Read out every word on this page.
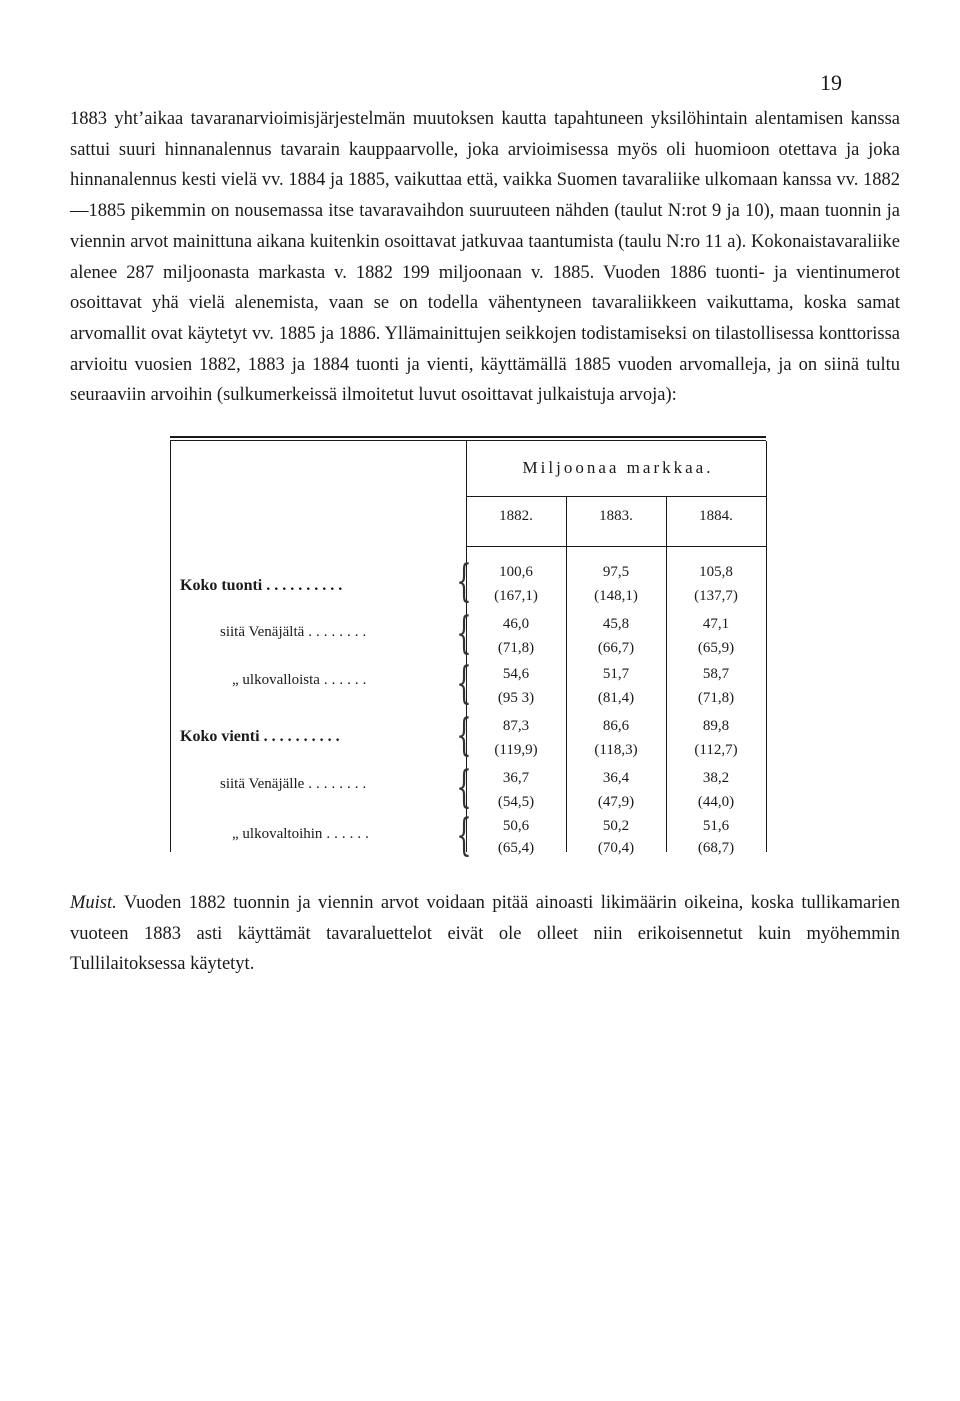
19

1883 yht’aikaa tavaranarvioimisjärjestelmän muutoksen kautta tapahtuneen yksilöhintain alentamisen kanssa sattui suuri hinnanalennus tavarain kauppaarvolle, joka arvioimisessa myös oli huomioon otettava ja joka hinnanalennus kesti vielä vv. 1884 ja 1885, vaikuttaa että, vaikka Suomen tavaraliike ulkomaan kanssa vv. 1882—1885 pikemmin on nousemassa itse tavaravaihdon suuruuteen nähden (taulut N:rot 9 ja 10), maan tuonnin ja viennin arvot mainittuna aikana kuitenkin osoittavat jatkuvaa taantumista (taulu N:ro 11 a). Kokonaistavaraliike alenee 287 miljoonasta markasta v. 1882 199 miljoonaan v. 1885. Vuoden 1886 tuonti- ja vientinumerot osoittavat yhä vielä alenemista, vaan se on todella vähentyneen tavaraliikkeen vaikuttama, koska samat arvomallit ovat käytetyt vv. 1885 ja 1886. Yllämainittujen seikkojen todistamiseksi on tilastollisessa konttorissa arvioitu vuosien 1882, 1883 ja 1884 tuonti ja vienti, käyttämällä 1885 vuoden arvomalleja, ja on siinä tultu seuraaviin arvoihin (sulkumerkeissä ilmoitetut luvut osoittavat julkaistuja arvoja):

Miljoonaa markkaa.
1882.	1883.	1884.
Koko tuonti ..........	{	100,6	97,5	105,8
(167,1)	(148,1)	(137,7)
siitä Venäjältä ........	{	46,0	45,8	47,1
(71,8)	(66,7)	(65,9)
„ ulkovalloista ......	{	54,6	51,7	58,7
(95 3)	(81,4)	(71,8)
Koko vienti ..........	{	87,3	86,6	89,8
(119,9)	(118,3)	(112,7)
siitä Venäjälle ........	{	36,7	36,4	38,2
(54,5)	(47,9)	(44,0)
„ ulkovaltoihin ......	{	50,6	50,2	51,6
(65,4)	(70,4)	(68,7)

Muist. Vuoden 1882 tuonnin ja viennin arvot voidaan pitää ainoasti likimäärin oikeina, koska tullikamarien vuoteen 1883 asti käyttämät tavaraluettelot eivät ole olleet niin erikoisennetut kuin myöhemmin Tullilaitoksessa käytetyt.
